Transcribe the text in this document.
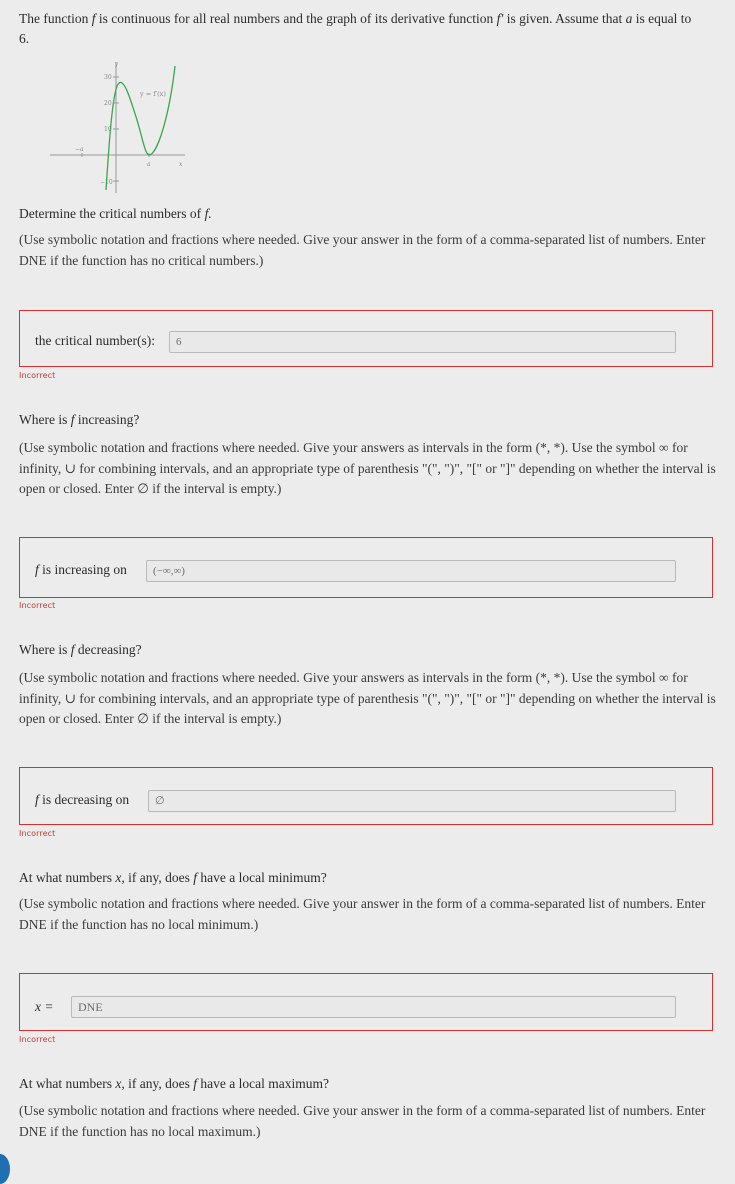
The function f is continuous for all real numbers and the graph of its derivative function f′ is given. Assume that a is equal to
6.
y
30
20
10
−10
−a
a	x
y = f′(x)
Determine the critical numbers of f.
(Use symbolic notation and fractions where needed. Give your answer in the form of a comma-separated list of numbers. Enter DNE if the function has no critical numbers.)
the critical number(s):	6
Incorrect
Where is f increasing?
(Use symbolic notation and fractions where needed. Give your answers as intervals in the form (*, *). Use the symbol ∞ for infinity, ∪ for combining intervals, and an appropriate type of parenthesis "(", ")", "[" or "]" depending on whether the interval is open or closed. Enter ∅ if the interval is empty.)
f is increasing on	(−∞,∞)
Incorrect
Where is f decreasing?
(Use symbolic notation and fractions where needed. Give your answers as intervals in the form (*, *). Use the symbol ∞ for infinity, ∪ for combining intervals, and an appropriate type of parenthesis "(", ")", "[" or "]" depending on whether the interval is open or closed. Enter ∅ if the interval is empty.)
f is decreasing on	∅
Incorrect
At what numbers x, if any, does f have a local minimum?
(Use symbolic notation and fractions where needed. Give your answer in the form of a comma-separated list of numbers. Enter DNE if the function has no local minimum.)
x =	DNE
Incorrect
At what numbers x, if any, does f have a local maximum?
(Use symbolic notation and fractions where needed. Give your answer in the form of a comma-separated list of numbers. Enter DNE if the function has no local maximum.)
